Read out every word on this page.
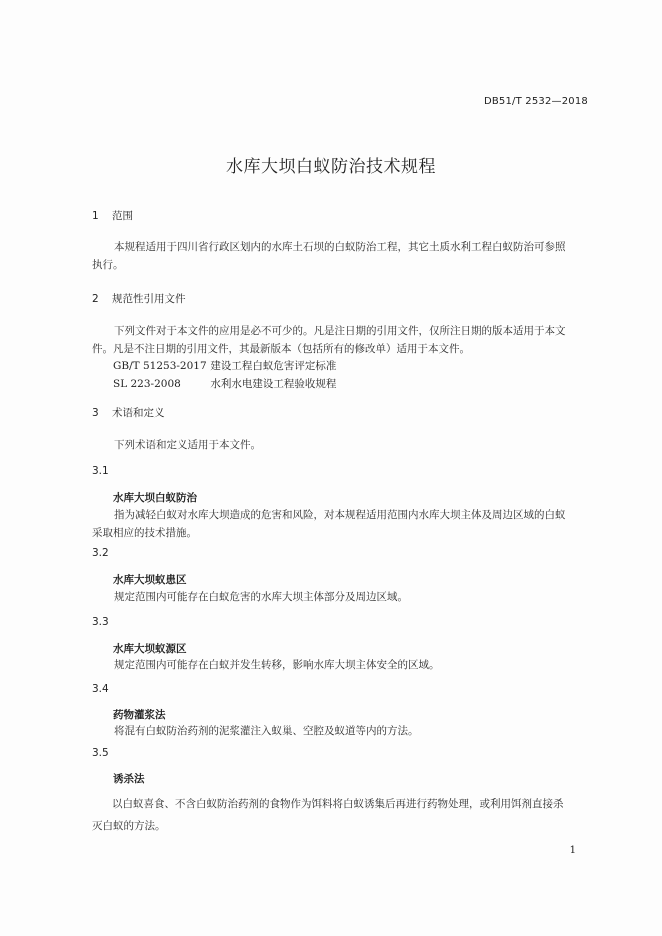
DB51/T 2532—2018
水库大坝白蚁防治技术规程
1 范围
本规程适用于四川省行政区划内的水库土石坝的白蚁防治工程，其它土质水利工程白蚁防治可参照
执行。
2 规范性引用文件
下列文件对于本文件的应用是必不可少的。凡是注日期的引用文件，仅所注日期的版本适用于本文
件。凡是不注日期的引用文件，其最新版本（包括所有的修改单）适用于本文件。
GB/T 51253-2017 建设工程白蚁危害评定标准
SL 223-2008	水利水电建设工程验收规程
3 术语和定义
下列术语和定义适用于本文件。
3.1
水库大坝白蚁防治
指为减轻白蚁对水库大坝造成的危害和风险，对本规程适用范围内水库大坝主体及周边区域的白蚁
采取相应的技术措施。
3.2
水库大坝蚁患区
规定范围内可能存在白蚁危害的水库大坝主体部分及周边区域。
3.3
水库大坝蚁源区
规定范围内可能存在白蚁并发生转移，影响水库大坝主体安全的区域。
3.4
药物灌浆法
将混有白蚁防治药剂的泥浆灌注入蚁巢、空腔及蚁道等内的方法。
3.5
诱杀法
以白蚁喜食、不含白蚁防治药剂的食物作为饵料将白蚁诱集后再进行药物处理，或利用饵剂直接杀
灭白蚁的方法。
1
